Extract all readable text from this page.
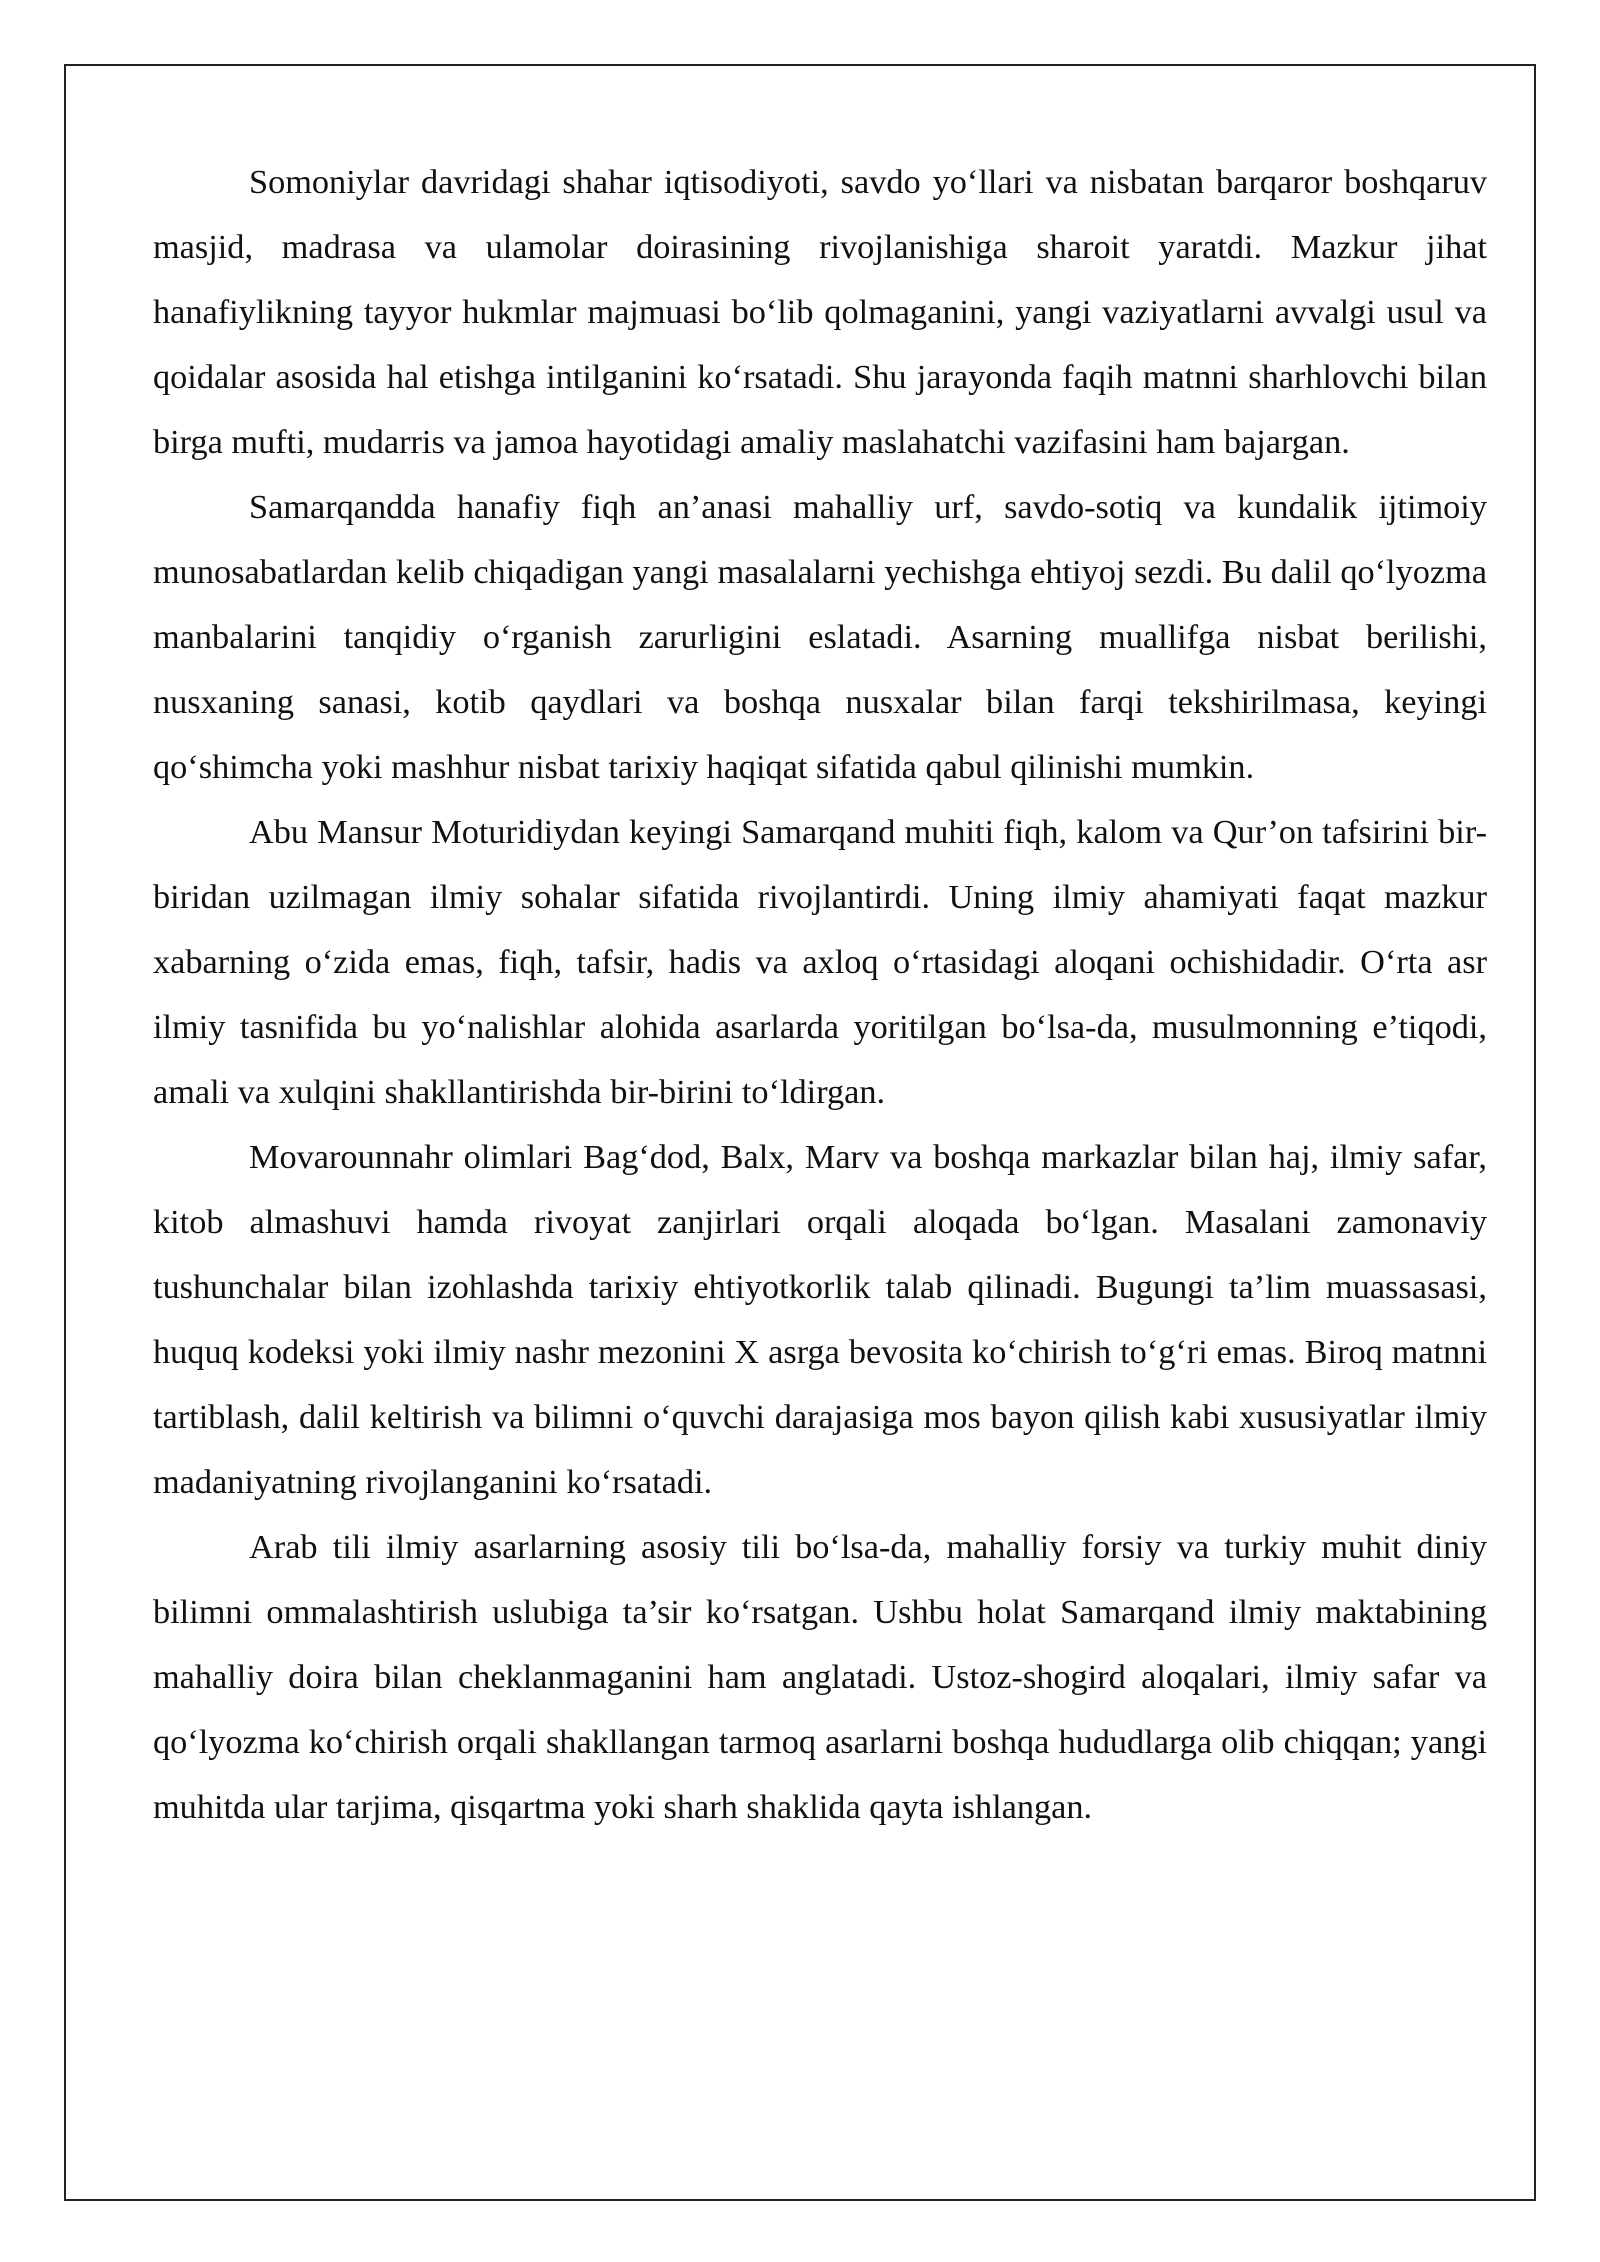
Somoniylar davridagi shahar iqtisodiyoti, savdo yo‘llari va nisbatan barqaror boshqaruv masjid, madrasa va ulamolar doirasining rivojlanishiga sharoit yaratdi. Mazkur jihat hanafiylikning tayyor hukmlar majmuasi bo‘lib qolmaganini, yangi vaziyatlarni avvalgi usul va qoidalar asosida hal etishga intilganini ko‘rsatadi. Shu jarayonda faqih matnni sharhlovchi bilan birga mufti, mudarris va jamoa hayotidagi amaliy maslahatchi vazifasini ham bajargan.

Samarqandda hanafiy fiqh an’anasi mahalliy urf, savdo-sotiq va kundalik ijtimoiy munosabatlardan kelib chiqadigan yangi masalalarni yechishga ehtiyoj sezdi. Bu dalil qo‘lyozma manbalarini tanqidiy o‘rganish zarurligini eslatadi. Asarning muallifga nisbat berilishi, nusxaning sanasi, kotib qaydlari va boshqa nusxalar bilan farqi tekshirilmasa, keyingi qo‘shimcha yoki mashhur nisbat tarixiy haqiqat sifatida qabul qilinishi mumkin.

Abu Mansur Moturidiydan keyingi Samarqand muhiti fiqh, kalom va Qur’on tafsirini bir-biridan uzilmagan ilmiy sohalar sifatida rivojlantirdi. Uning ilmiy ahamiyati faqat mazkur xabarning o‘zida emas, fiqh, tafsir, hadis va axloq o‘rtasidagi aloqani ochishidadir. O‘rta asr ilmiy tasnifida bu yo‘nalishlar alohida asarlarda yoritilgan bo‘lsa-da, musulmonning e’tiqodi, amali va xulqini shakllantirishda bir-birini to‘ldirgan.

Movarounnahr olimlari Bag‘dod, Balx, Marv va boshqa markazlar bilan haj, ilmiy safar, kitob almashuvi hamda rivoyat zanjirlari orqali aloqada bo‘lgan. Masalani zamonaviy tushunchalar bilan izohlashda tarixiy ehtiyotkorlik talab qilinadi. Bugungi ta’lim muassasasi, huquq kodeksi yoki ilmiy nashr mezonini X asrga bevosita ko‘chirish to‘g‘ri emas. Biroq matnni tartiblash, dalil keltirish va bilimni o‘quvchi darajasiga mos bayon qilish kabi xususiyatlar ilmiy madaniyatning rivojlanganini ko‘rsatadi.

Arab tili ilmiy asarlarning asosiy tili bo‘lsa-da, mahalliy forsiy va turkiy muhit diniy bilimni ommalashtirish uslubiga ta’sir ko‘rsatgan. Ushbu holat Samarqand ilmiy maktabining mahalliy doira bilan cheklanmaganini ham anglatadi. Ustoz-shogird aloqalari, ilmiy safar va qo‘lyozma ko‘chirish orqali shakllangan tarmoq asarlarni boshqa hududlarga olib chiqqan; yangi muhitda ular tarjima, qisqartma yoki sharh shaklida qayta ishlangan.
